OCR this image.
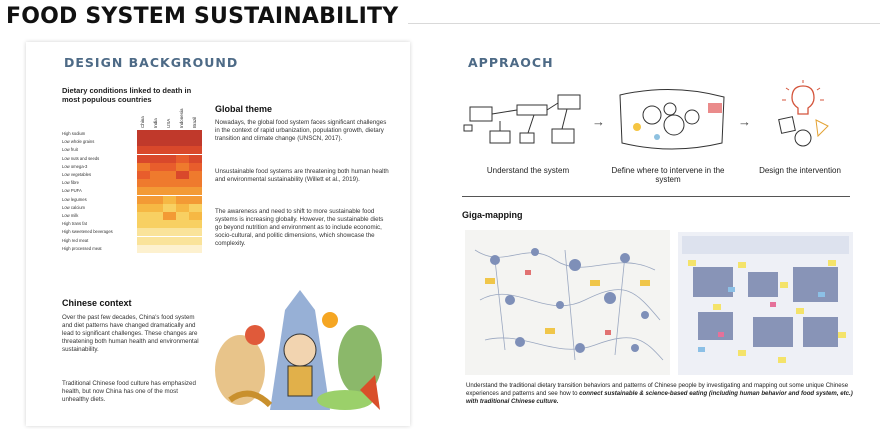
FOOD SYSTEM SUSTAINABILITY
DESIGN BACKGROUND
Dietary conditions linked to death in most populous countries
High sodium
Low whole grains
Low fruit
Low nuts and seeds
Low omega-3
Low vegetables
Low fibre
Low PUFA
Low legumes
Low calcium
Low milk
High trans fat
High sweetened beverages
High red meat
High processed meat
China India USA Indonesia Brazil
Global theme
Nowadays, the global food system faces significant challenges in the context of rapid urbanization, population growth, dietary transition and climate change (UNSCN, 2017).
Unsustainable food systems are threatening both human health and environmental sustainability (Willett et al., 2019).
The awareness and need to shift to more sustainable food systems is increasing globally. However, the sustainable diets go beyond nutrition and environment as to include economic, socio-cultural, and politic dimensions, which showcase the complexity.
Chinese context
Over the past few decades, China's food system and diet patterns have changed dramatically and lead to significant challenges. These changes are threatening both human health and environmental sustainability.
Traditional Chinese food culture has emphasized health, but now China has one of the most unhealthy diets.
APPRAOCH
→	→
Understand the system	Define where to intervene in the system
Design the intervention
Giga-mapping
Understand the traditional dietary transition behaviors and patterns of Chinese people by investigating and mapping out some unique Chinese experiences and patterns and see how to connect sustainable & science-based eating (including human behavior and food system, etc.) with traditional Chinese culture.
